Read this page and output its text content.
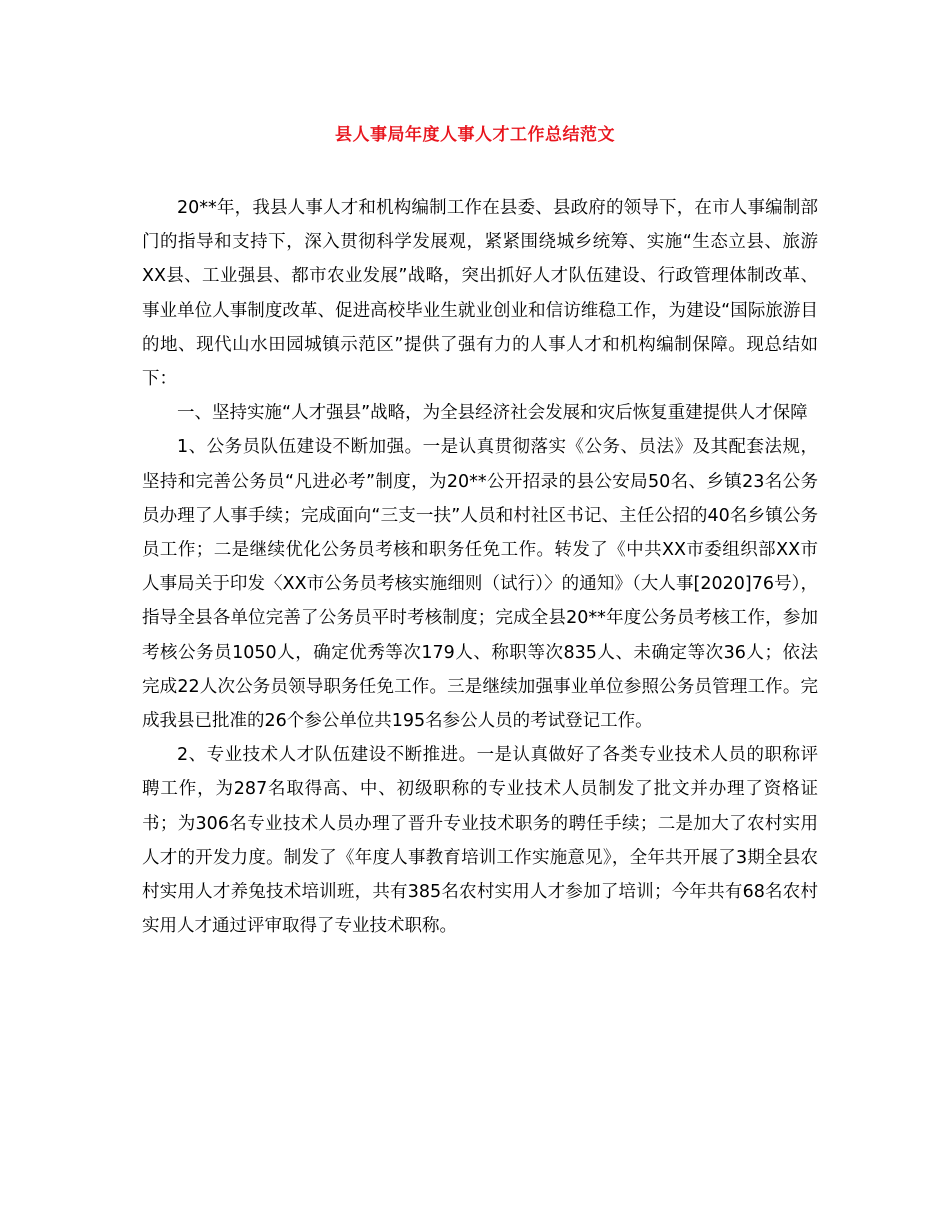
县人事局年度人事人才工作总结范文

20**年，我县人事人才和机构编制工作在县委、县政府的领导下，在市人事编制部门的指导和支持下，深入贯彻科学发展观，紧紧围绕城乡统筹、实施“生态立县、旅游XX县、工业强县、都市农业发展”战略，突出抓好人才队伍建设、行政管理体制改革、事业单位人事制度改革、促进高校毕业生就业创业和信访维稳工作，为建设“国际旅游目的地、现代山水田园城镇示范区”提供了强有力的人事人才和机构编制保障。现总结如下：

一、坚持实施“人才强县”战略，为全县经济社会发展和灾后恢复重建提供人才保障

1、公务员队伍建设不断加强。一是认真贯彻落实《公务、员法》及其配套法规，坚持和完善公务员“凡进必考”制度，为20**公开招录的县公安局50名、乡镇23名公务员办理了人事手续；完成面向“三支一扶”人员和村社区书记、主任公招的40名乡镇公务员工作；二是继续优化公务员考核和职务任免工作。转发了《中共XX市委组织部XX市人事局关于印发〈XX市公务员考核实施细则（试行）〉的通知》（大人事[2020]76号），指导全县各单位完善了公务员平时考核制度；完成全县20**年度公务员考核工作，参加考核公务员1050人，确定优秀等次179人、称职等次835人、未确定等次36人；依法完成22人次公务员领导职务任免工作。三是继续加强事业单位参照公务员管理工作。完成我县已批准的26个参公单位共195名参公人员的考试登记工作。

2、专业技术人才队伍建设不断推进。一是认真做好了各类专业技术人员的职称评聘工作，为287名取得高、中、初级职称的专业技术人员制发了批文并办理了资格证书；为306名专业技术人员办理了晋升专业技术职务的聘任手续；二是加大了农村实用人才的开发力度。制发了《年度人事教育培训工作实施意见》，全年共开展了3期全县农村实用人才养兔技术培训班，共有385名农村实用人才参加了培训；今年共有68名农村实用人才通过评审取得了专业技术职称。
